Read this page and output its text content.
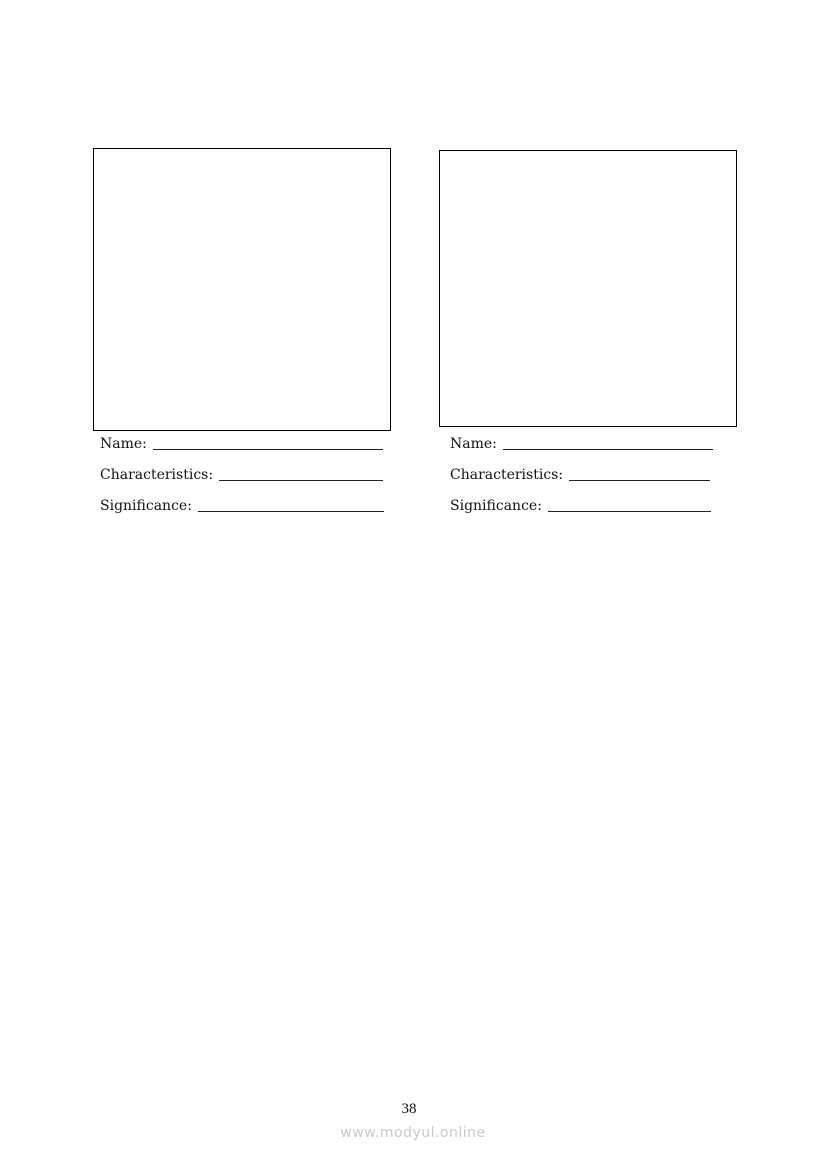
Name:
Characteristics:
Significance:
Name:
Characteristics:
Significance:
38
www.modyul.online
